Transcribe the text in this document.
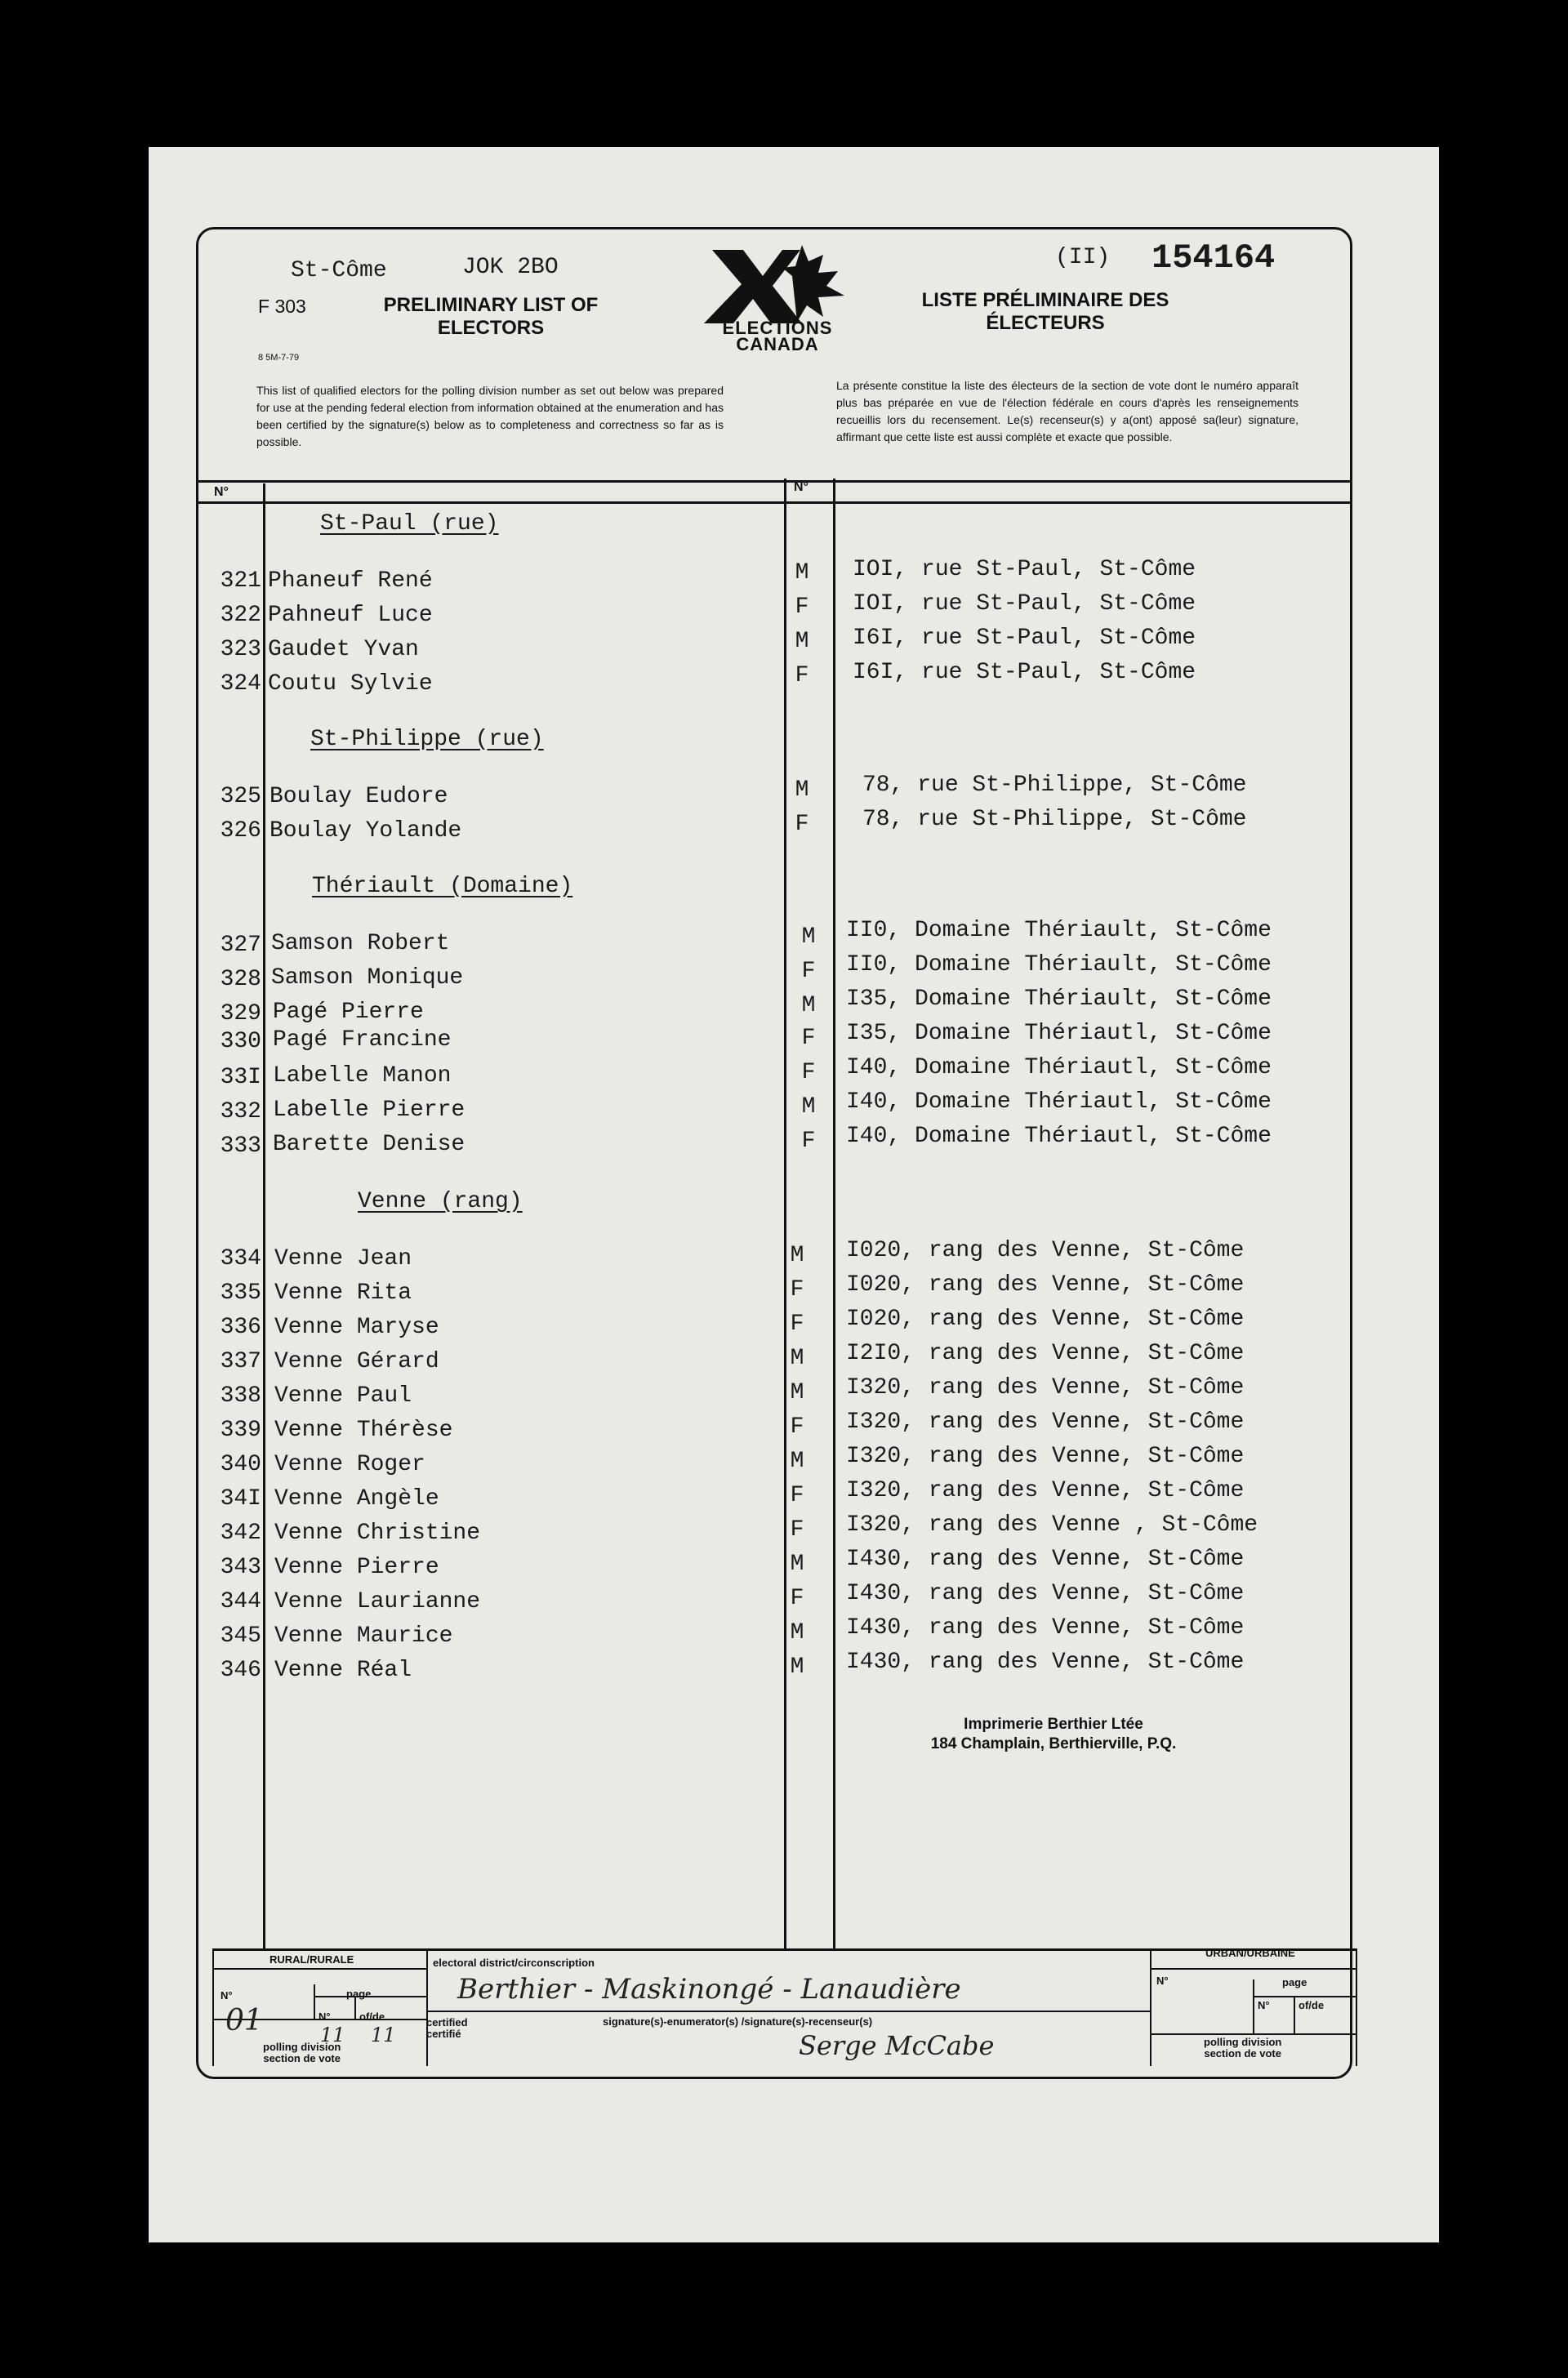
St-Côme	JOK 2BO
F 303
8 5M-7-79
PRELIMINARY LIST OF
ELECTORS	ELECTIONS
CANADA
(II) 154164
LISTE PRÉLIMINAIRE DES
ÉLECTEURS
This list of qualified electors for the polling division number as set out below was prepared for use at the pending federal election from information obtained at the enumeration and has been certified by the signature(s) below as to completeness and correctness so far as is possible.
La présente constitue la liste des électeurs de la section de vote dont le numéro apparaît plus bas préparée en vue de l'élection fédérale en cours d'après les renseignements recueillis lors du recensement. Le(s) recenseur(s) y a(ont) apposé sa(leur) signature, affirmant que cette liste est aussi complète et exacte que possible.
N°	N°
St-Paul (rue)
321 Phaneuf René	M	IOI, rue St-Paul, St-Côme
322 Pahneuf Luce	F	IOI, rue St-Paul, St-Côme
323 Gaudet Yvan	M	I6I, rue St-Paul, St-Côme
324 Coutu Sylvie	F	I6I, rue St-Paul, St-Côme
St-Philippe (rue)
325 Boulay Eudore	M	78, rue St-Philippe, St-Côme
326 Boulay Yolande	F	78, rue St-Philippe, St-Côme
Thériault (Domaine)
327 Samson Robert	M	II0, Domaine Thériault, St-Côme
328 Samson Monique	F	II0, Domaine Thériault, St-Côme
329 Pagé Pierre	M	I35, Domaine Thériault, St-Côme
330 Pagé Francine	F	I35, Domaine Thériautl, St-Côme
33I Labelle Manon	F	I40, Domaine Thériautl, St-Côme
332 Labelle Pierre	M	I40, Domaine Thériautl, St-Côme
333 Barette Denise	F	I40, Domaine Thériautl, St-Côme
Venne (rang)
334 Venne Jean	M	I020, rang des Venne, St-Côme
335 Venne Rita	F	I020, rang des Venne, St-Côme
336 Venne Maryse	F	I020, rang des Venne, St-Côme
337 Venne Gérard	M	I2I0, rang des Venne, St-Côme
338 Venne Paul	M	I320, rang des Venne, St-Côme
339 Venne Thérèse	F	I320, rang des Venne, St-Côme
340 Venne Roger	M	I320, rang des Venne, St-Côme
34I Venne Angèle	F	I320, rang des Venne, St-Côme
342 Venne Christine	F	I320, rang des Venne , St-Côme
343 Venne Pierre	M	I430, rang des Venne, St-Côme
344 Venne Laurianne	F	I430, rang des Venne, St-Côme
345 Venne Maurice	M	I430, rang des Venne, St-Côme
346 Venne Réal	M	I430, rang des Venne, St-Côme
Imprimerie Berthier Ltée
184 Champlain, Berthierville, P.Q.
RURAL/RURALE
URBAN/URBAINE
N°	page
N°	of/de
N°	page
N°	of/de
polling division
section de vote
polling division
section de vote
electoral district/circonscription
certified
certifié
signature(s)-enumerator(s) /signature(s)-recenseur(s)
01	11 11
Berthier - Maskinongé - Lanaudière
Serge McCabe
